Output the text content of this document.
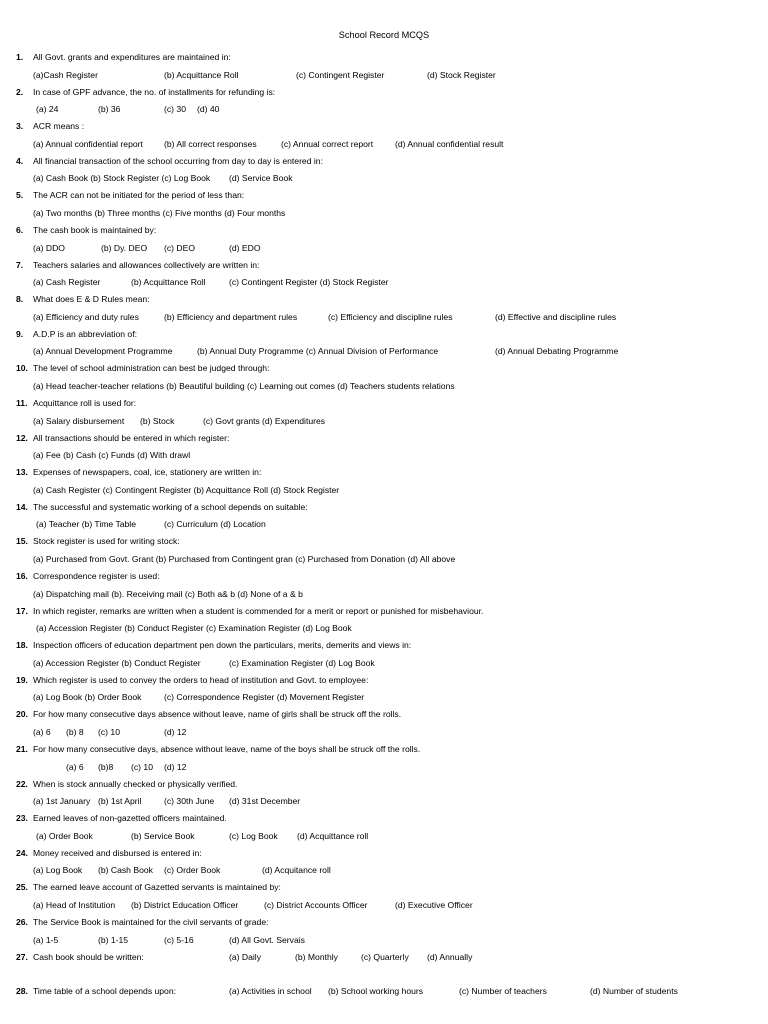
School Record MCQS
1. All Govt. grants and expenditures are maintained in:
(a)Cash Register	(b) Acquittance Roll	(c) Contingent Register	(d) Stock Register
2. In case of GPF advance, the no. of installments for refunding is:
(a) 24	(b) 36	(c) 30 (d) 40
3. ACR means :
(a) Annual confidential report (b) All correct responses	(c) Annual correct report	(d) Annual confidential result
4. All financial transaction of the school occurring from day to day is entered in:
(a) Cash Book (b) Stock Register (c) Log Book (d) Service Book
5. The ACR can not be initiated for the period of less than:
(a) Two months (b) Three months (c) Five months (d) Four months
6. The cash book is maintained by:
(a) DDO	(b) Dy. DEO (c) DEO	(d) EDO
7. Teachers salaries and allowances collectively are written in:
(a) Cash Register	(b) Acquittance Roll	(c) Contingent Register (d) Stock Register
8. What does E & D Rules mean:
(a) Efficiency and duty rules	(b) Efficiency and department rules	(c) Efficiency and discipline rules	(d) Effective and discipline rules
9. A.D.P is an abbreviation of:
(a) Annual Development Programme	(b) Annual Duty Programme (c) Annual Division of Performance	(d) Annual Debating Programme
10. The level of school administration can best be judged through:
(a) Head teacher-teacher relations (b) Beautiful building (c) Learning out comes (d) Teachers students relations
11. Acquittance roll is used for:
(a) Salary disbursement (b) Stock	(c) Govt grants (d) Expenditures
12. All transactions should be entered in which register:
(a) Fee (b) Cash (c) Funds (d) With drawl
13. Expenses of newspapers, coal, ice, stationery are written in:
(a) Cash Register (c) Contingent Register (b) Acquittance Roll (d) Stock Register
14. The successful and systematic working of a school depends on suitable:
(a) Teacher (b) Time Table	(c) Curriculum (d) Location
15. Stock register is used for writing stock:
(a) Purchased from Govt. Grant (b) Purchased from Contingent gran (c) Purchased from Donation (d) All above
16. Correspondence register is used:
(a) Dispatching mail (b). Receiving mail (c) Both a& b (d) None of a & b
17. In which register, remarks are written when a student is commended for a merit or report or punished for misbehaviour.
(a) Accession Register (b) Conduct Register (c) Examination Register (d) Log Book
18. Inspection officers of education department pen down the particulars, merits, demerits and views in:
(a) Accession Register (b) Conduct Register	(c) Examination Register (d) Log Book
19. Which register is used to convey the orders to head of institution and Govt. to employee:
(a) Log Book (b) Order Book	(c) Correspondence Register (d) Movement Register
20. For how many consecutive days absence without leave, name of girls shall be struck off the rolls.
(a) 6 (b) 8 (c) 10	(d) 12
21. For how many consecutive days, absence without leave, name of the boys shall be struck off the rolls.
(a) 6 (b)8 (c) 10 (d) 12
22. When is stock annually checked or physically verified.
(a) 1st January (b) 1st April	(c) 30th June (d) 31st December
23. Earned leaves of non-gazetted officers maintained.
(a) Order Book	(b) Service Book	(c) Log Book (d) Acquittance roll
24. Money received and disbursed is entered in:
(a) Log Book (b) Cash Book (c) Order Book	(d) Acquitance roll
25. The earned leave account of Gazetted servants is maintained by:
(a) Head of Institution (b) District Education Officer	(c) District Accounts Officer	(d) Executive Officer
26. The Service Book is maintained for the civil servants of grade:
(a) 1-5	(b) 1-15	(c) 5-16	(d) All Govt. Servais
27. Cash book should be written:	(a) Daily	(b) Monthly	(c) Quarterly (d) Annually
28. Time table of a school depends upon:	(a) Activities in school (b) School working hours	(c) Number of teachers	(d) Number of students
